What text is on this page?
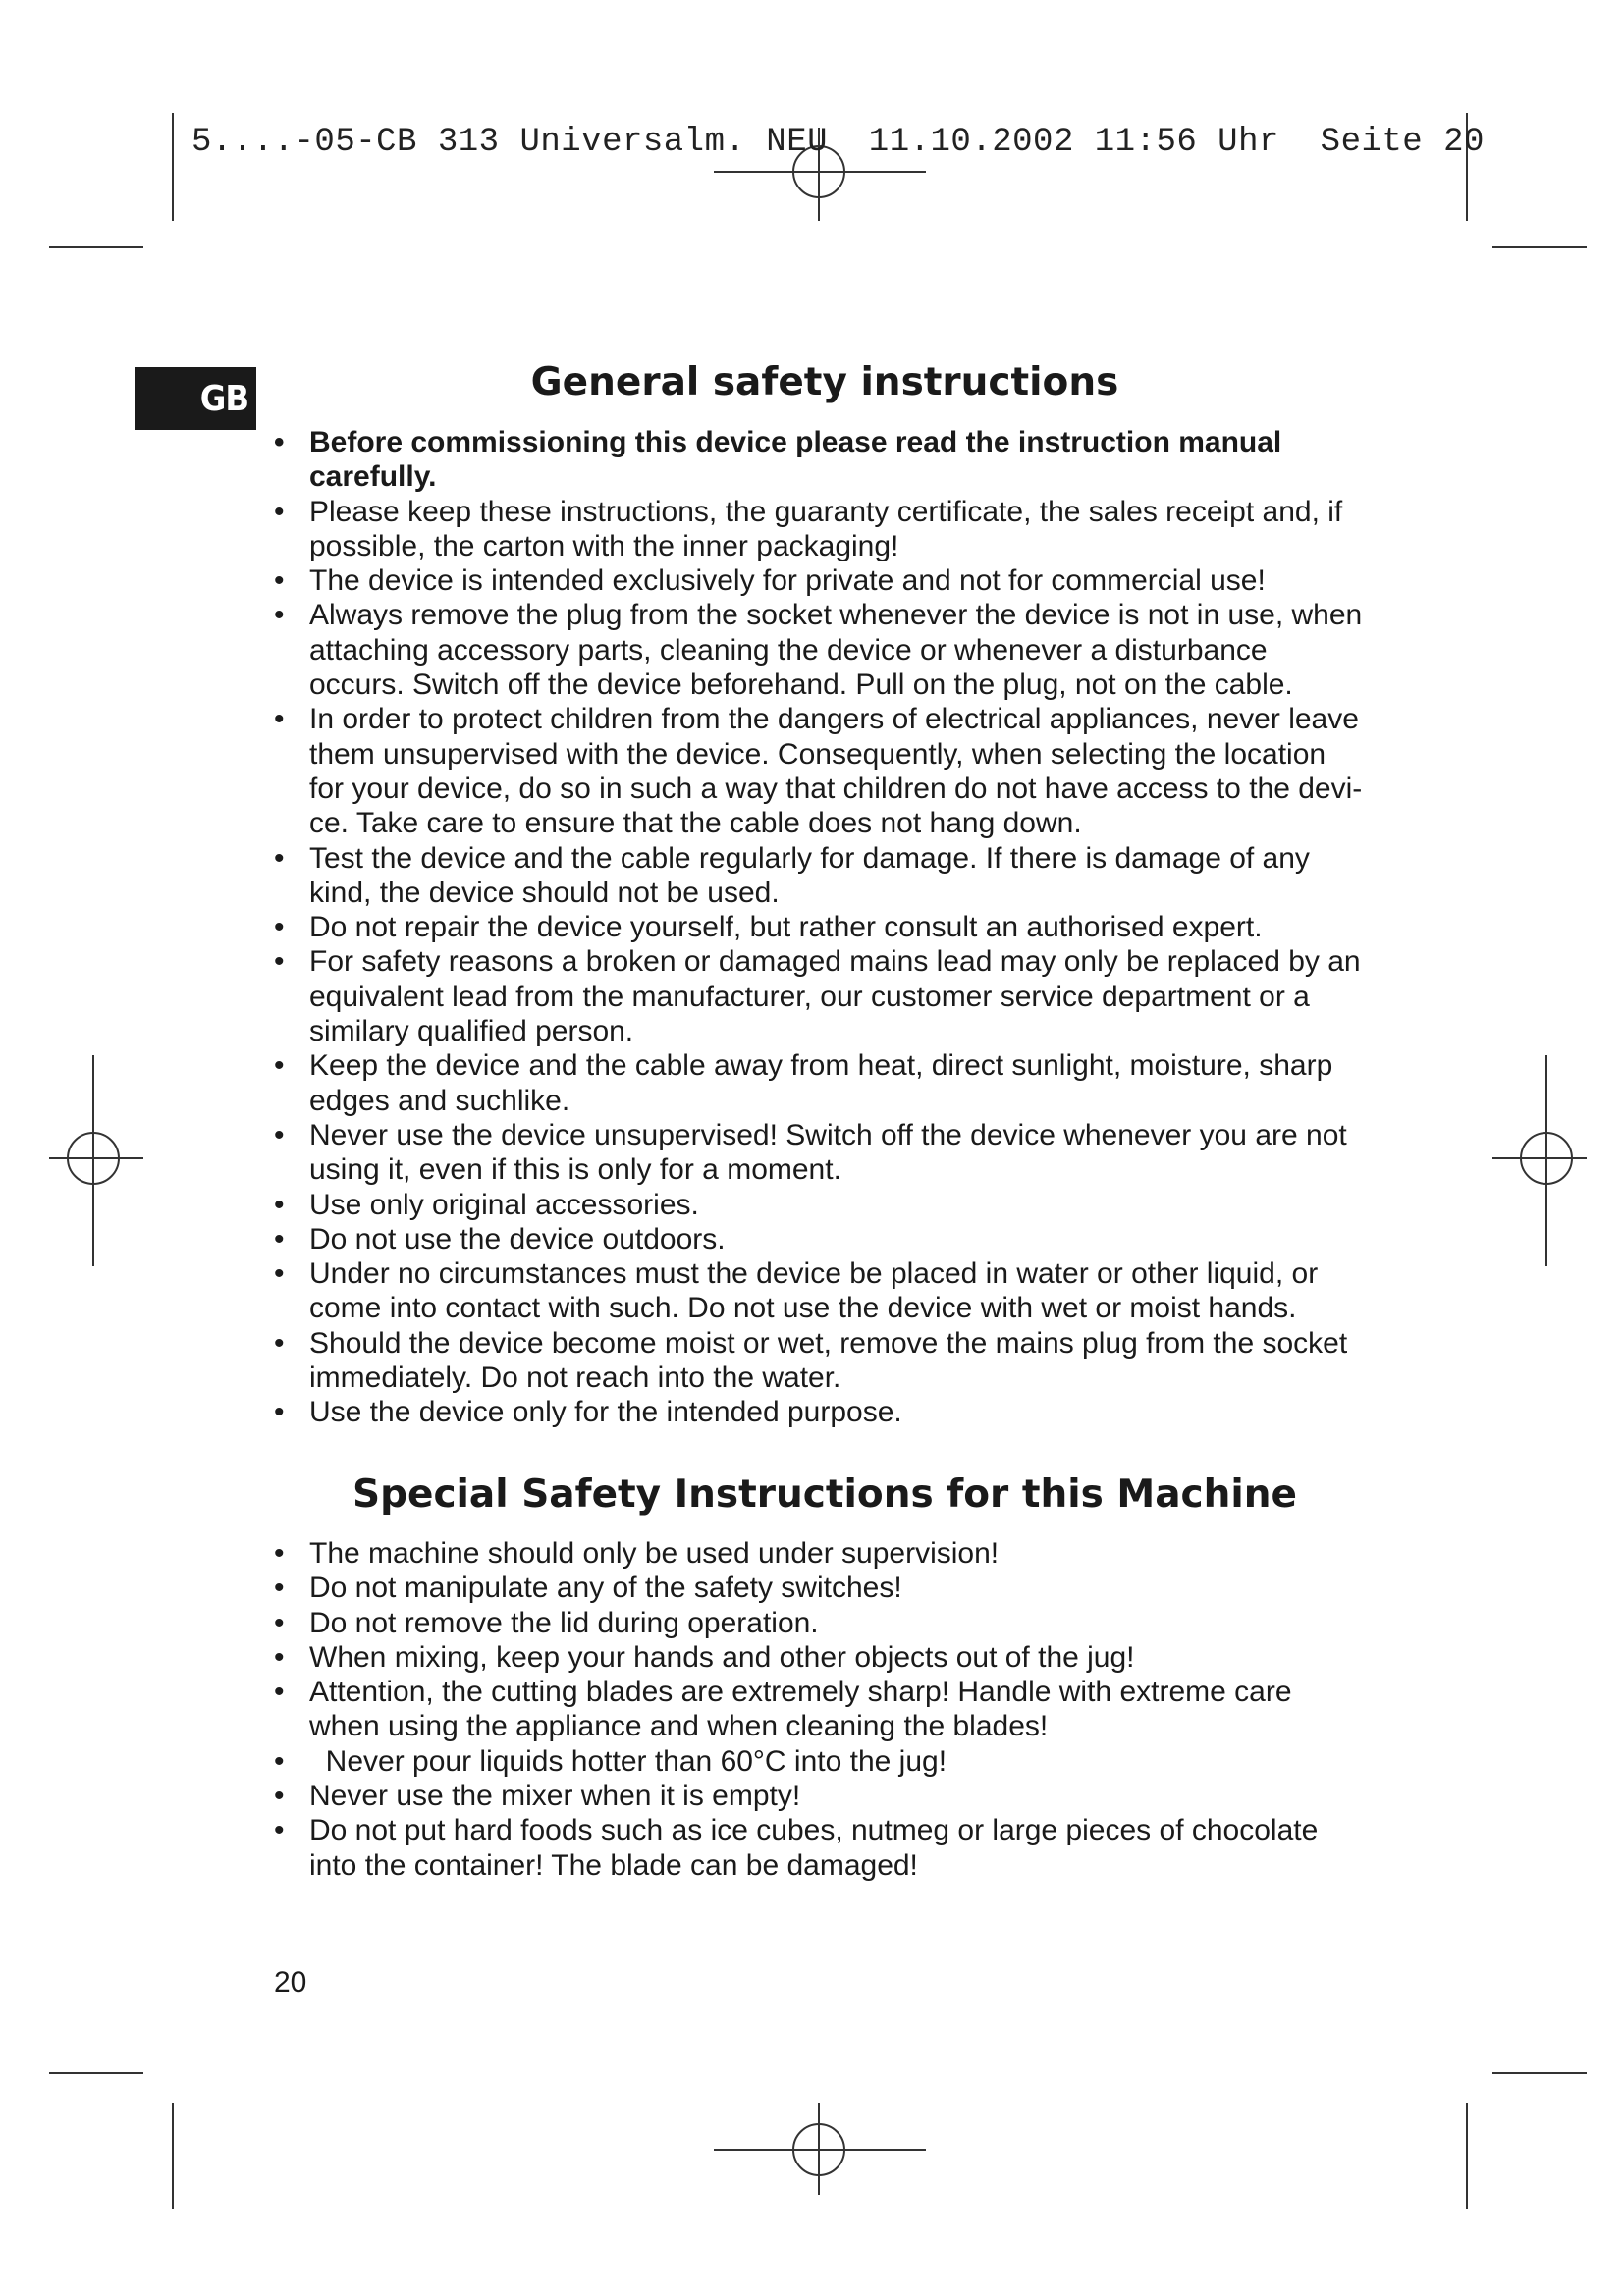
5....-05-CB 313 Universalm. NEU  11.10.2002 11:56 Uhr  Seite 20
GB	General safety instructions
• Before commissioning this device please read the instruction manual
carefully.
• Please keep these instructions, the guaranty certificate, the sales receipt and, if
possible, the carton with the inner packaging!
• The device is intended exclusively for private and not for commercial use!
• Always remove the plug from the socket whenever the device is not in use, when
attaching accessory parts, cleaning the device or whenever a disturbance
occurs. Switch off the device beforehand. Pull on the plug, not on the cable.
• In order to protect children from the dangers of electrical appliances, never leave
them unsupervised with the device. Consequently, when selecting the location
for your device, do so in such a way that children do not have access to the devi-
ce. Take care to ensure that the cable does not hang down.
• Test the device and the cable regularly for damage. If there is damage of any
kind, the device should not be used.
• Do not repair the device yourself, but rather consult an authorised expert.
• For safety reasons a broken or damaged mains lead may only be replaced by an
equivalent lead from the manufacturer, our customer service department or a
similary qualified person.
• Keep the device and the cable away from heat, direct sunlight, moisture, sharp
edges and suchlike.
• Never use the device unsupervised! Switch off the device whenever you are not
using it, even if this is only for a moment.
• Use only original accessories.
• Do not use the device outdoors.
• Under no circumstances must the device be placed in water or other liquid, or
come into contact with such. Do not use the device with wet or moist hands.
• Should the device become moist or wet, remove the mains plug from the socket
immediately. Do not reach into the water.
• Use the device only for the intended purpose.
Special Safety Instructions for this Machine
• The machine should only be used under supervision!
• Do not manipulate any of the safety switches!
• Do not remove the lid during operation.
• When mixing, keep your hands and other objects out of the jug!
• Attention, the cutting blades are extremely sharp! Handle with extreme care
when using the appliance and when cleaning the blades!
•   Never pour liquids hotter than 60°C into the jug!
• Never use the mixer when it is empty!
• Do not put hard foods such as ice cubes, nutmeg or large pieces of chocolate
into the container! The blade can be damaged!
20
